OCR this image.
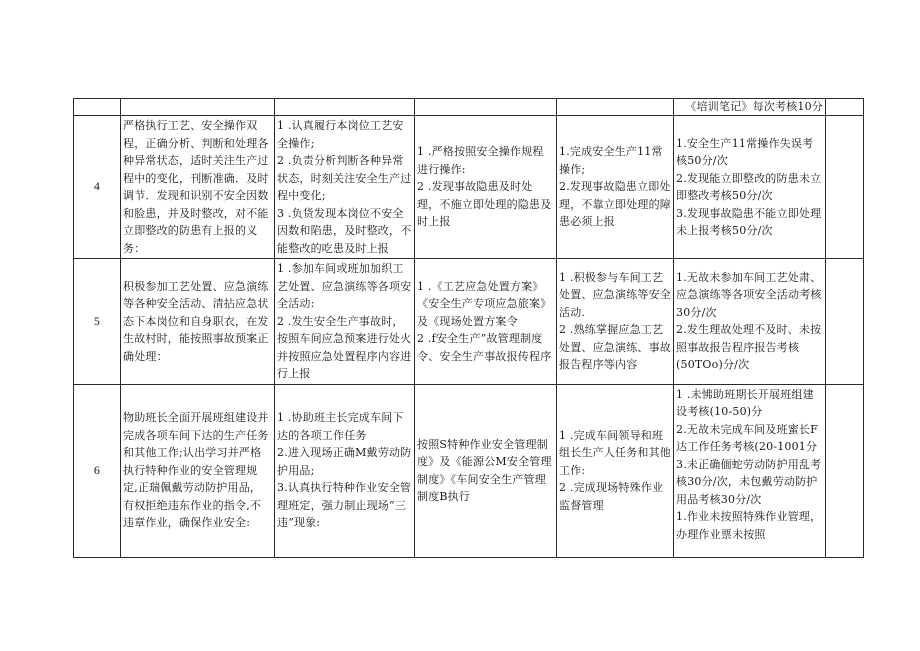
					《培训笔记》每次考核10分	
4	严格执行工艺、安全操作双程，正确分析、判断和处理各种异常状态，适时关注生产过程中的变化，刊断准确．及时调节．发现和识别不安全因数和脸患，并及时整改，对不能立即整改的防患有上报的义务：	1 .认真履行本岗位工艺安全操作;
2 .负责分析判断各种异常状态，时刻关注安全生产过程中变化;
3 .负货发现本岗位不安全因数和陷患，及时整改，不能整改的吃患及时上报	1 .严格按照安全操作规程进行操作:
2 .发现事故隐患及时处理，不施立即处理的隐患及时上报	1.完成安全生产11常操作;
2.发现事故隐患立即处理，不靠立即处理的障患必须上报	1.安全生产11常操作失误考核50分/次
2.发现能立即整改的防患未立即整改考核50分/次
3.发现事故隐患不能立即处理未上报考核50分/次	
5	积极参加工艺处置、应急演练等各种安全活动、清拈应急状态下本岗位和自身职衣，在发生故村时，能按照事故预案正确处理：	1 .参加车间或班加加织工艺处置、应急演练等各项安全活动:
2 .发生安全生产事故时，按照车间应急预案进行处火并按照应急处置程序内容进行上报	1 .《工艺应急处置方案》《安全生产专项应急旅案》及《现场处置方案令
2 .f安全生产”故管理制度令、安全生产事故报传程序	1 .积极参与车间工艺处置、应急演练等安全活动.
2 .熟练掌握应急工艺处置、应急演练、事故报告程序等内容	1.无故未参加车间工艺处肃、应急演练等各项安全活动考核30分/次
2.发生理故处理不及时、未按照事故报告程序报告考核(50TOo)分/次	
6	物助班长全面开展班组建设并完成各项车间下达的生产任务和其他工作;认出学习并严格执行特种作业的安全管理规定,正瑞佩戴劳动防护用品，有权拒绝违东作业的指令,不违章作业，确保作业安全:	1 .协助班主长完成车间下达的各项工作任务
2.进入现场正确M戴劳动防护用品;
3.认真执行特种作业安全管理班定，强力制止现场“三违”现象:	按照S特种作业安全管理制度》及《能源公M安全管理制度》《车间安全生产管理制度B执行	1 .完成车间领导和班组长生产人任务和其他工作:
2 .完成现场特殊作业监督管理	1 .未怫助班期长开展班组建设考核(10-50)分
2.无故未完成车间及班蜜长F达工作任务考核(20-1001分
3.未正确偭蛇劳动防护用乱考核30分/次，未包戴劳动防护用品考核30分/次
1.作业未按照特殊作业管理，办理作业票未按照	
